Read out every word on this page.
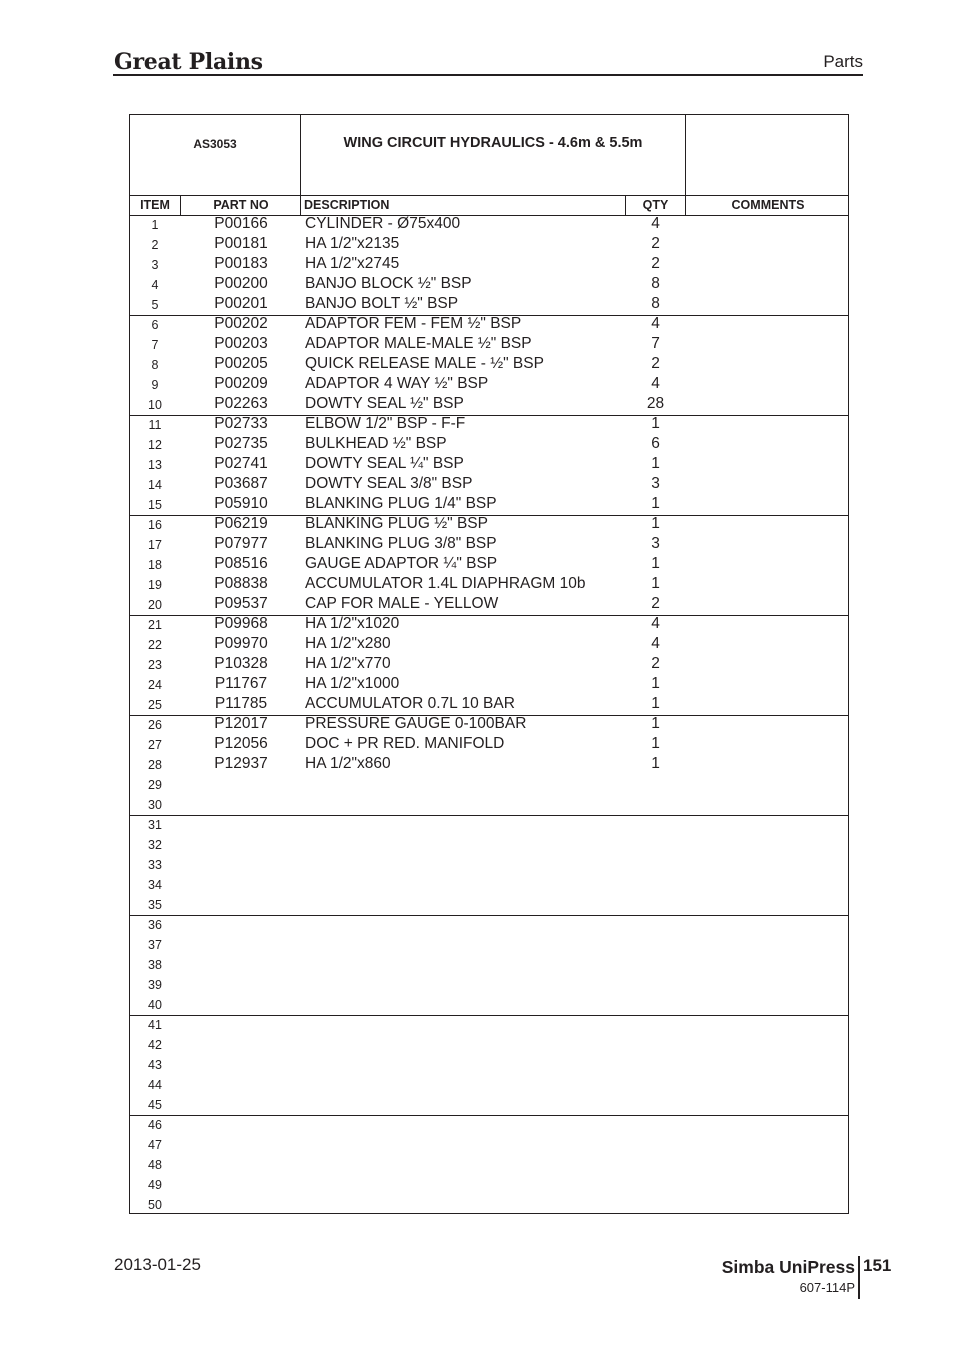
Great Plains	Parts
AS3053	WING CIRCUIT HYDRAULICS - 4.6m & 5.5m
ITEM	PART NO	DESCRIPTION	QTY	COMMENTS
1	P00166	CYLINDER - Ø75x400	4
2	P00181	HA 1/2"x2135	2
3	P00183	HA 1/2"x2745	2
4	P00200	BANJO BLOCK ½" BSP	8
5	P00201	BANJO BOLT ½" BSP	8
6	P00202	ADAPTOR FEM - FEM ½" BSP	4
7	P00203	ADAPTOR MALE-MALE ½" BSP	7
8	P00205	QUICK RELEASE MALE - ½" BSP	2
9	P00209	ADAPTOR 4 WAY ½" BSP	4
10	P02263	DOWTY SEAL ½" BSP	28
11	P02733	ELBOW 1/2" BSP - F-F	1
12	P02735	BULKHEAD ½" BSP	6
13	P02741	DOWTY SEAL ¼" BSP	1
14	P03687	DOWTY SEAL 3/8" BSP	3
15	P05910	BLANKING PLUG 1/4" BSP	1
16	P06219	BLANKING PLUG ½" BSP	1
17	P07977	BLANKING PLUG 3/8" BSP	3
18	P08516	GAUGE ADAPTOR ¼" BSP	1
19	P08838	ACCUMULATOR 1.4L DIAPHRAGM 10b	1
20	P09537	CAP FOR MALE - YELLOW	2
21	P09968	HA 1/2"x1020	4
22	P09970	HA 1/2"x280	4
23	P10328	HA 1/2"x770	2
24	P11767	HA 1/2"x1000	1
25	P11785	ACCUMULATOR 0.7L 10 BAR	1
26	P12017	PRESSURE GAUGE 0-100BAR	1
27	P12056	DOC + PR RED. MANIFOLD	1
28	P12937	HA 1/2"x860	1
29
30
31
32
33
34
35
36
37
38
39
40
41
42
43
44
45
46
47
48
49
50
2013-01-25	Simba UniPress 151
607-114P
